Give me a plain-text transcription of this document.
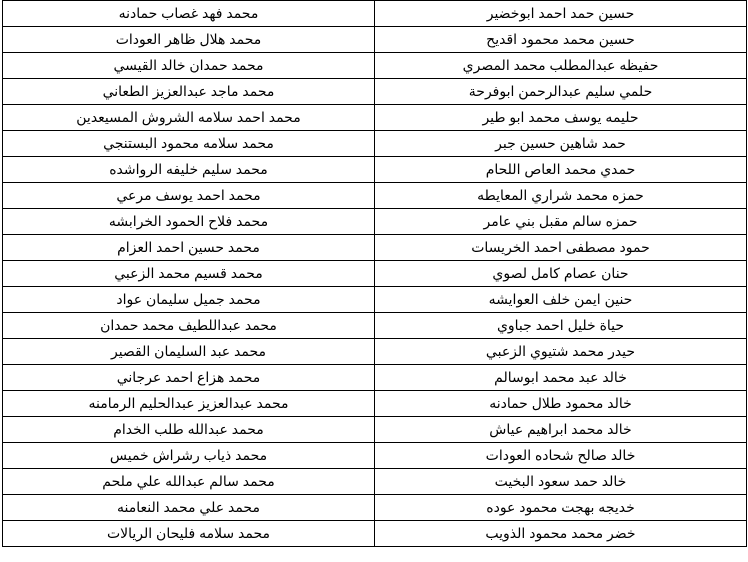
حسين حمد احمد ابوخضير	محمد فهد غصاب حمادنه
حسين محمد محمود اقديح	محمد هلال ظاهر العودات
حفيظه عبدالمطلب محمد المصري	محمد حمدان خالد القيسي
حلمي سليم عبدالرحمن ابوفرحة	محمد ماجد عبدالعزيز الطعاني
حليمه يوسف محمد ابو طير	محمد احمد سلامه الشروش المسيعدين
حمد شاهين حسين جبر	محمد سلامه محمود البستنجي
حمدي محمد العاص اللحام	محمد سليم خليفه الرواشده
حمزه محمد شراري المعايطه	محمد احمد يوسف مرعي
حمزه سالم مقبل بني عامر	محمد فلاح الحمود الخرابشه
حمود مصطفى احمد الخريسات	محمد حسين احمد العزام
حنان عصام كامل لصوي	محمد قسيم محمد الزعبي
حنين ايمن خلف العوايشه	محمد جميل سليمان عواد
حياة خليل احمد جباوي	محمد عبداللطيف محمد حمدان
حيدر محمد شتيوي الزعبي	محمد عبد السليمان القصير
خالد عبد محمد ابوسالم	محمد هزاع احمد عرجاني
خالد محمود طلال حمادنه	محمد عبدالعزيز عبدالحليم الرمامنه
خالد محمد ابراهيم عياش	محمد عبدالله طلب الخدام
خالد صالح شحاده العودات	محمد ذياب رشراش خميس
خالد حمد سعود البخيت	محمد سالم عبدالله علي ملحم
خديجه بهجت محمود عوده	محمد علي محمد النعامنه
خضر محمد محمود الذويب	محمد سلامه فليحان الريالات
